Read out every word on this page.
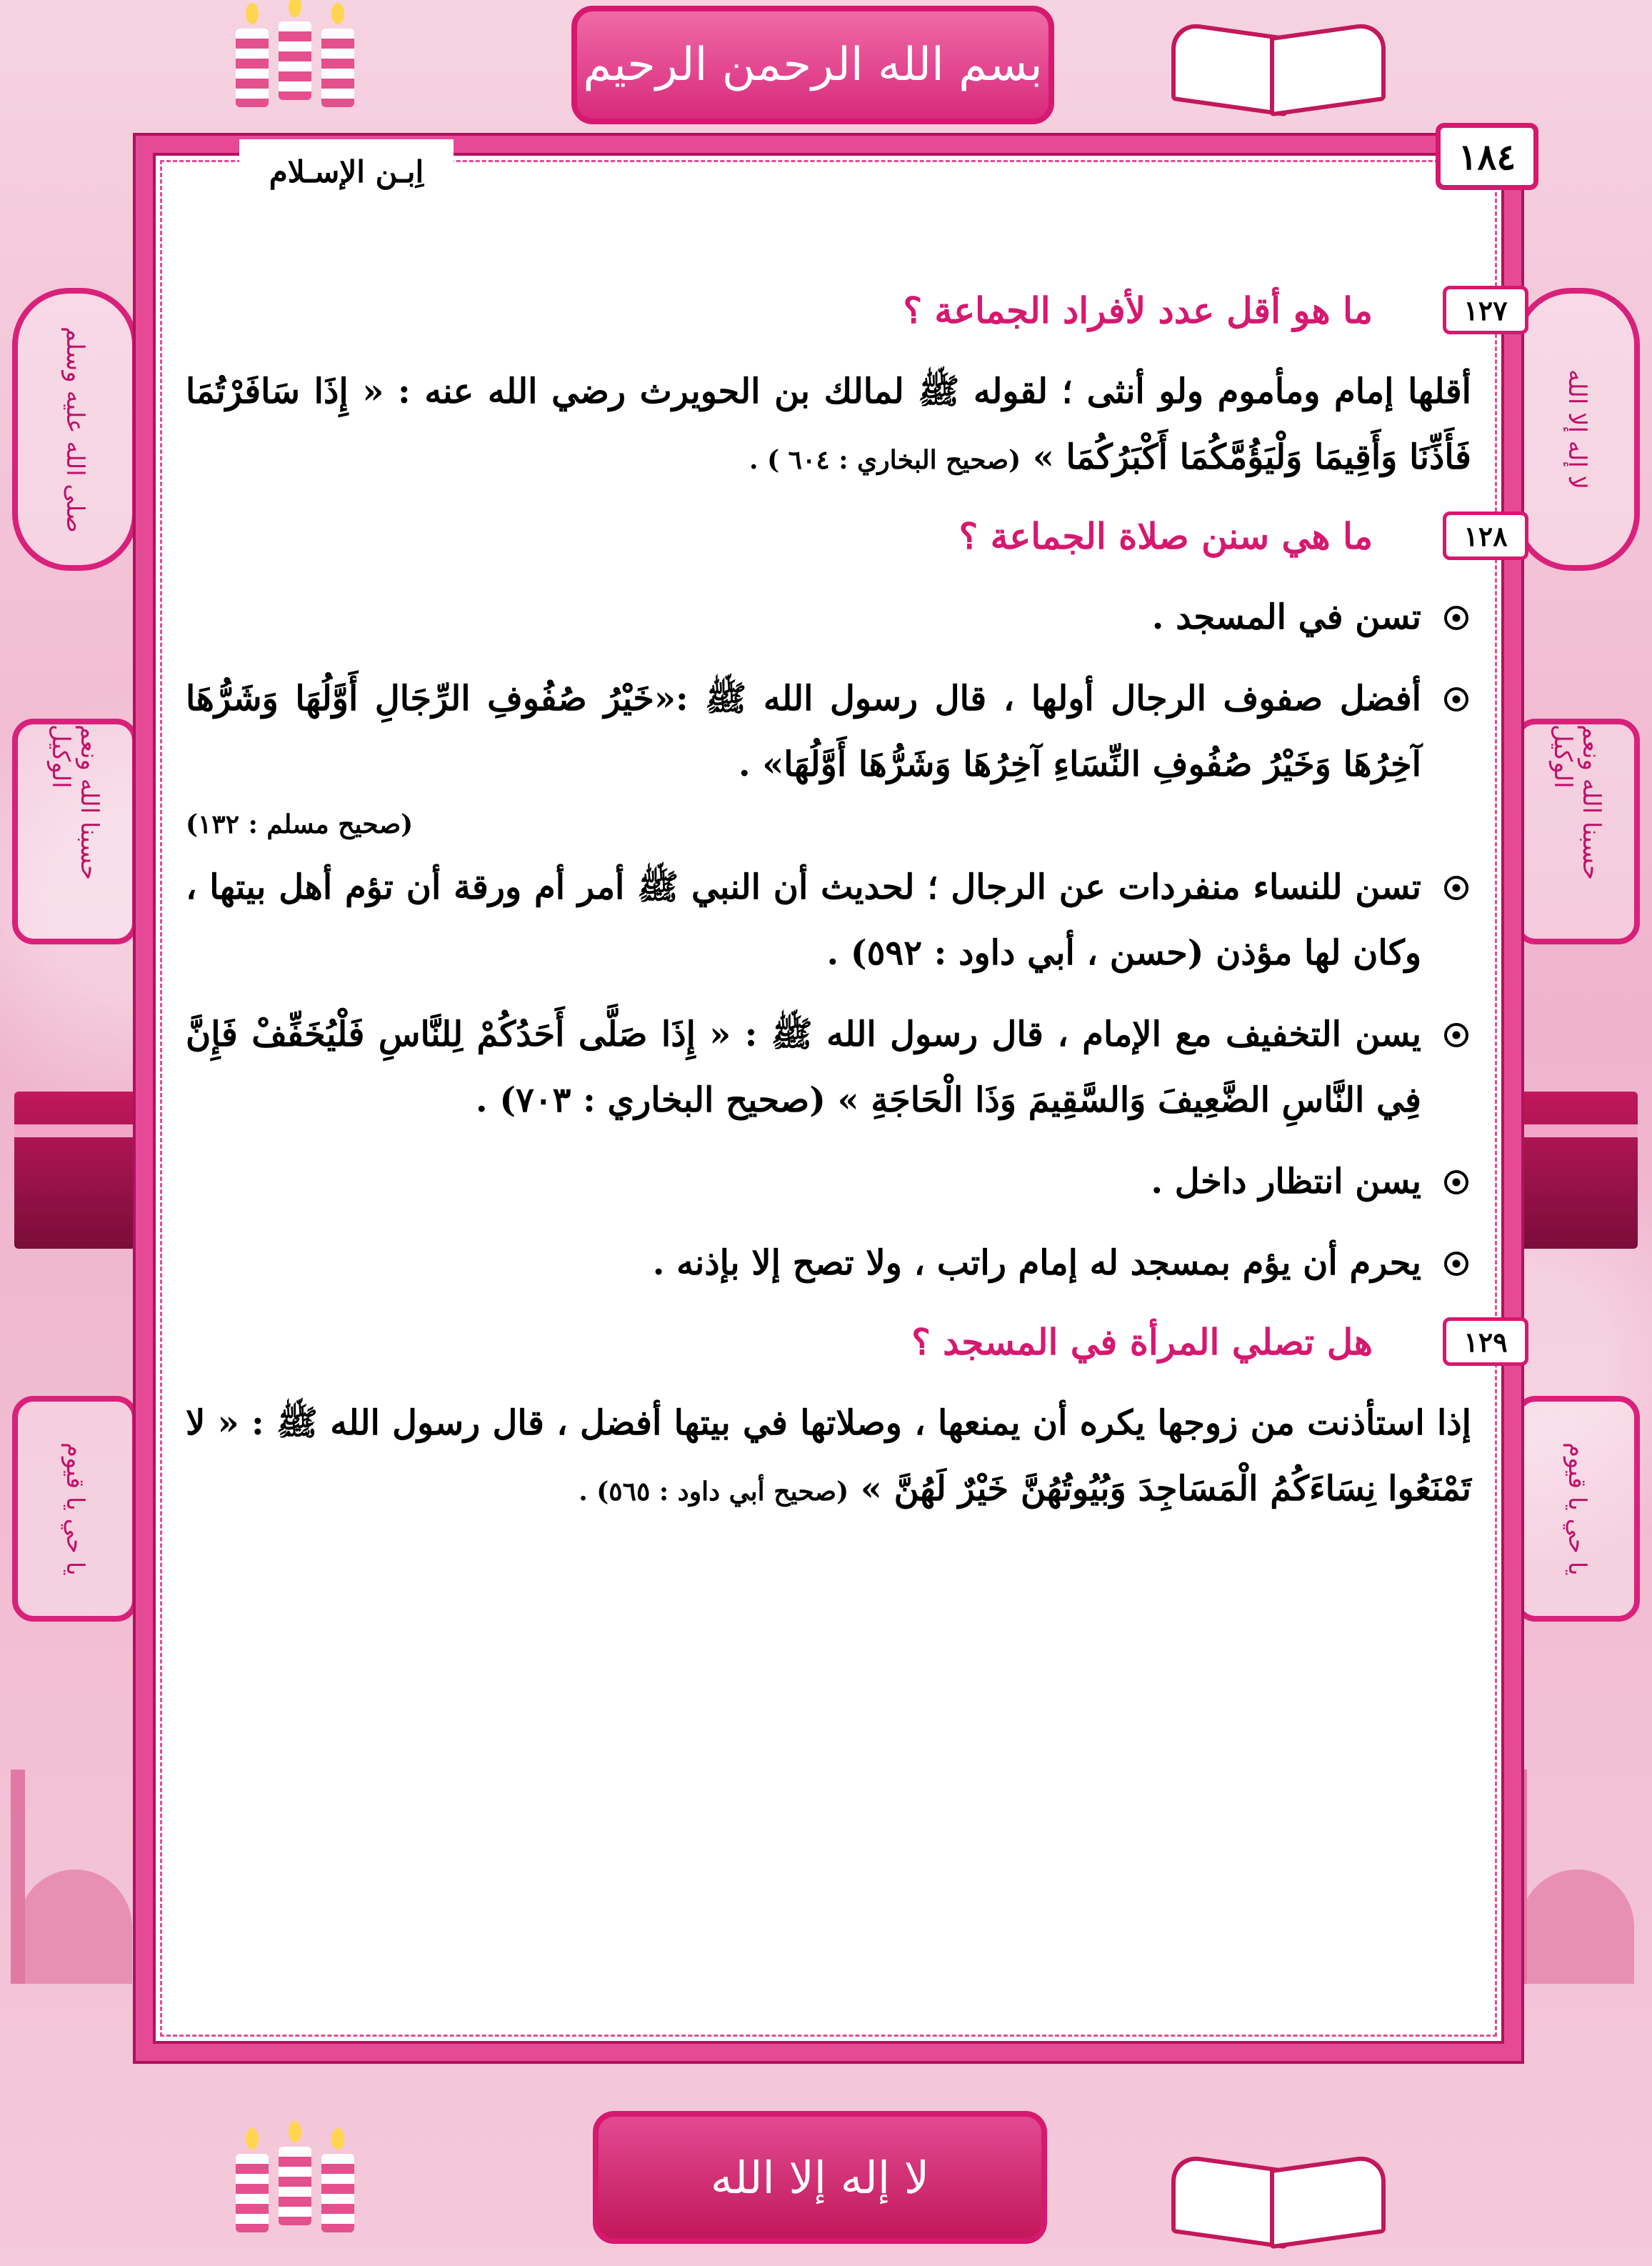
بسم الله الرحمن الرحيم
صلى الله عليه وسلم
حسبنا الله ونعم الوكيل
يا حي يا قيوم
لا إله إلا الله
حسبنا الله ونعم الوكيل
يا حي يا قيوم
١٨٤
اِبـن الإسـلام
١٢٧
ما هو أقل عدد لأفراد الجماعة ؟

أقلها إمام ومأموم ولو أنثى ؛ لقوله ﷺ لمالك بن الحويرث رضي الله عنه : « إِذَا سَافَرْتُمَا فَأَذِّنَا وَأَقِيمَا وَلْيَؤُمَّكُمَا أَكْبَرُكُمَا » (صحيح البخاري : ٦٠٤ ) .

١٢٨
ما هي سنن صلاة الجماعة ؟
تسن في المسجد .
أفضل صفوف الرجال أولها ، قال رسول الله ﷺ :«خَيْرُ صُفُوفِ الرِّجَالِ أَوَّلُهَا وَشَرُّهَا آخِرُهَا وَخَيْرُ صُفُوفِ النِّسَاءِ آخِرُهَا وَشَرُّهَا أَوَّلُهَا» .
(صحيح مسلم : ١٣٢)
تسن للنساء منفردات عن الرجال ؛ لحديث أن النبي ﷺ أمر أم ورقة أن تؤم أهل بيتها ، وكان لها مؤذن (حسن ، أبي داود : ٥٩٢) .
يسن التخفيف مع الإمام ، قال رسول الله ﷺ : « إِذَا صَلَّى أَحَدُكُمْ لِلنَّاسِ فَلْيُخَفِّفْ فَإِنَّ فِي النَّاسِ الضَّعِيفَ وَالسَّقِيمَ وَذَا الْحَاجَةِ » (صحيح البخاري : ٧٠٣) .
يسن انتظار داخل .
يحرم أن يؤم بمسجد له إمام راتب ، ولا تصح إلا بإذنه .
١٢٩
هل تصلي المرأة في المسجد ؟

إذا استأذنت من زوجها يكره أن يمنعها ، وصلاتها في بيتها أفضل ، قال رسول الله ﷺ : « لا تَمْنَعُوا نِسَاءَكُمُ الْمَسَاجِدَ وَبُيُوتُهُنَّ خَيْرٌ لَهُنَّ » (صحيح أبي داود : ٥٦٥) .

لا إله إلا الله
